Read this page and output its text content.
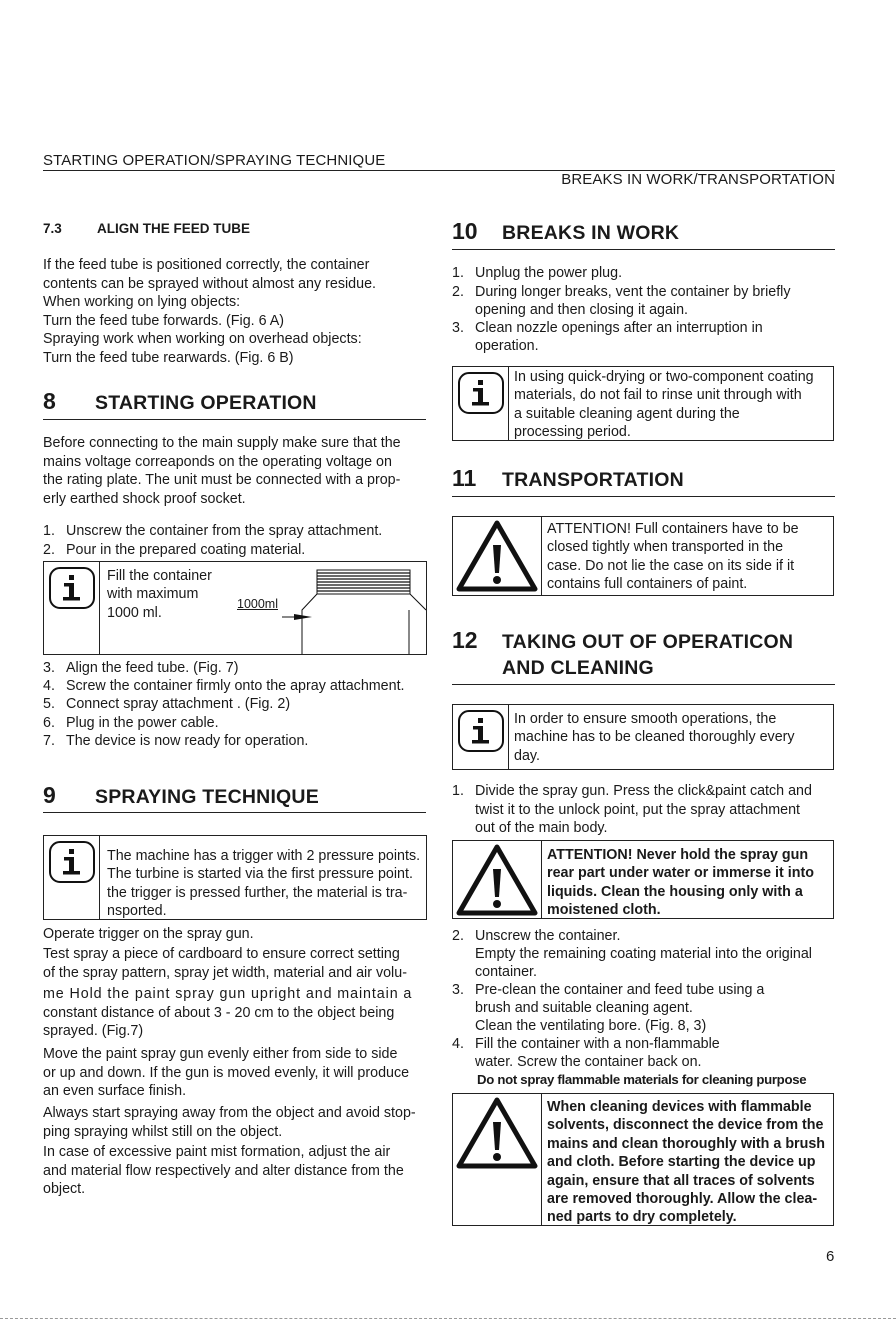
STARTING OPERATION/SPRAYING TECHNIQUE
BREAKS IN WORK/TRANSPORTATION
7.3	ALIGN THE FEED TUBE
If the feed tube is positioned correctly, the container
contents can be sprayed without almost any residue.
When working on lying objects:
Turn the feed tube forwards. (Fig. 6 A)
Spraying work when working on overhead objects:
Turn the feed tube rearwards. (Fig. 6 B)
8 STARTING OPERATION
Before connecting to the main supply make sure that the
mains voltage correaponds on the operating voltage on
the rating plate. The unit must be connected with a prop-
erly earthed shock proof socket.
1. Unscrew the container from the spray attachment.
2. Pour in the prepared coating material.
Fill the container
with maximum
1000 ml.
1000ml
3. Align the feed tube. (Fig. 7)
4. Screw the container firmly onto the apray attachment.
5. Connect spray attachment . (Fig. 2)
6. Plug in the power cable.
7. The device is now ready for operation.
9 SPRAYING TECHNIQUE
The machine has a trigger with 2 pressure points.
The turbine is started via the first pressure point.
the trigger is pressed further, the material is tra-
nsported.
Operate trigger on the spray gun.
Test spray a piece of cardboard to ensure correct setting
of the spray pattern, spray jet width, material and air volu-
me Hold the paint spray gun upright and maintain a
constant distance of about 3 - 20 cm to the object being
sprayed. (Fig.7)
Move the paint spray gun evenly either from side to side
or up and down. If the gun is moved evenly, it will produce
an even surface finish.
Always start spraying away from the object and avoid stop-
ping spraying whilst still on the object.
In case of excessive paint mist formation, adjust the air
and material flow respectively and alter distance from the
object.
10 BREAKS IN WORK
1. Unplug the power plug.
2. During longer breaks, vent the container by briefly
opening and then closing it again.
3. Clean nozzle openings after an interruption in
operation.
In using quick-drying or two-component coating
materials, do not fail to rinse unit through with
a suitable cleaning agent during the
processing period.
11 TRANSPORTATION
ATTENTION! Full containers have to be
closed tightly when transported in the
case. Do not lie the case on its side if it
contains full containers of paint.
12 TAKING OUT OF OPERATICON
AND CLEANING
In order to ensure smooth operations, the
machine has to be cleaned thoroughly every
day.
1. Divide the spray gun. Press the click&paint catch and
twist it to the unlock point, put the spray attachment
out of the main body.
ATTENTION! Never hold the spray gun
rear part under water or immerse it into
liquids. Clean the housing only with a
moistened cloth.
2. Unscrew the container.
Empty the remaining coating material into the original
container.
3. Pre-clean the container and feed tube using a
brush and suitable cleaning agent.
Clean the ventilating bore. (Fig. 8, 3)
4. Fill the container with a non-flammable
water. Screw the container back on.
Do not spray flammable materials for cleaning purpose
When cleaning devices with flammable
solvents, disconnect the device from the
mains and clean thoroughly with a brush
and cloth. Before starting the device up
again, ensure that all traces of solvents
are removed thoroughly. Allow the clea-
ned parts to dry completely.
6
